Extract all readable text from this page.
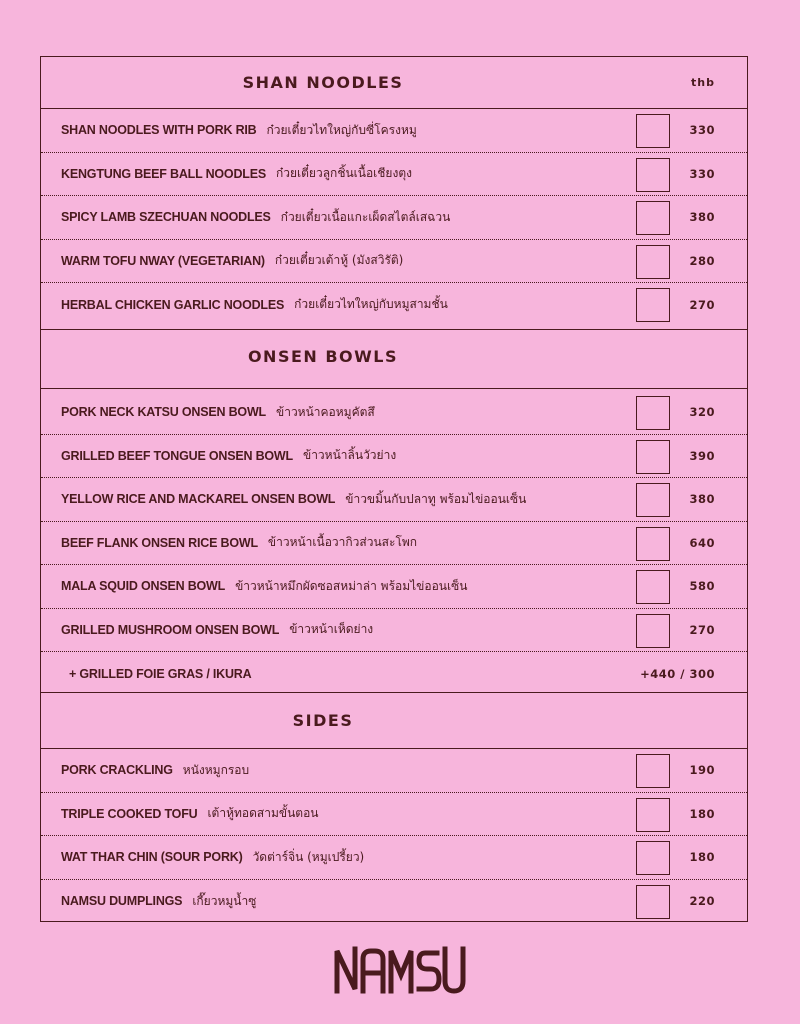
SHAN NOODLES	thb
SHAN NOODLES WITH PORK RIB ก๋วยเตี๋ยวไทใหญ่กับซี่โครงหมู	330
KENGTUNG BEEF BALL NOODLES ก๋วยเตี๋ยวลูกชิ้นเนื้อเชียงตุง	330
SPICY LAMB SZECHUAN NOODLES ก๋วยเตี๋ยวเนื้อแกะเผ็ดสไตล์เสฉวน	380
WARM TOFU NWAY (VEGETARIAN) ก๋วยเตี๋ยวเต้าหู้ (มังสวิรัติ)	280
HERBAL CHICKEN GARLIC NOODLES ก๋วยเตี๋ยวไทใหญ่กับหมูสามชั้น	270
ONSEN BOWLS
PORK NECK KATSU ONSEN BOWL ข้าวหน้าคอหมูคัตสึ	320
GRILLED BEEF TONGUE ONSEN BOWL ข้าวหน้าลิ้นวัวย่าง	390
YELLOW RICE AND MACKAREL ONSEN BOWL ข้าวขมิ้นกับปลาทู พร้อมไข่ออนเซ็น	380
BEEF FLANK ONSEN RICE BOWL ข้าวหน้าเนื้อวากิวส่วนสะโพก	640
MALA SQUID ONSEN BOWL ข้าวหน้าหมึกผัดซอสหม่าล่า พร้อมไข่ออนเซ็น	580
GRILLED MUSHROOM ONSEN BOWL ข้าวหน้าเห็ดย่าง	270
+ GRILLED FOIE GRAS / IKURA	+440 / 300
SIDES
PORK CRACKLING หนังหมูกรอบ	190
TRIPLE COOKED TOFU เต้าหู้ทอดสามขั้นตอน	180
WAT THAR CHIN (SOUR PORK) วัดต่าร์จิ่น (หมูเปรี้ยว)	180
NAMSU DUMPLINGS เกี๊ยวหมูน้ำซู	220
